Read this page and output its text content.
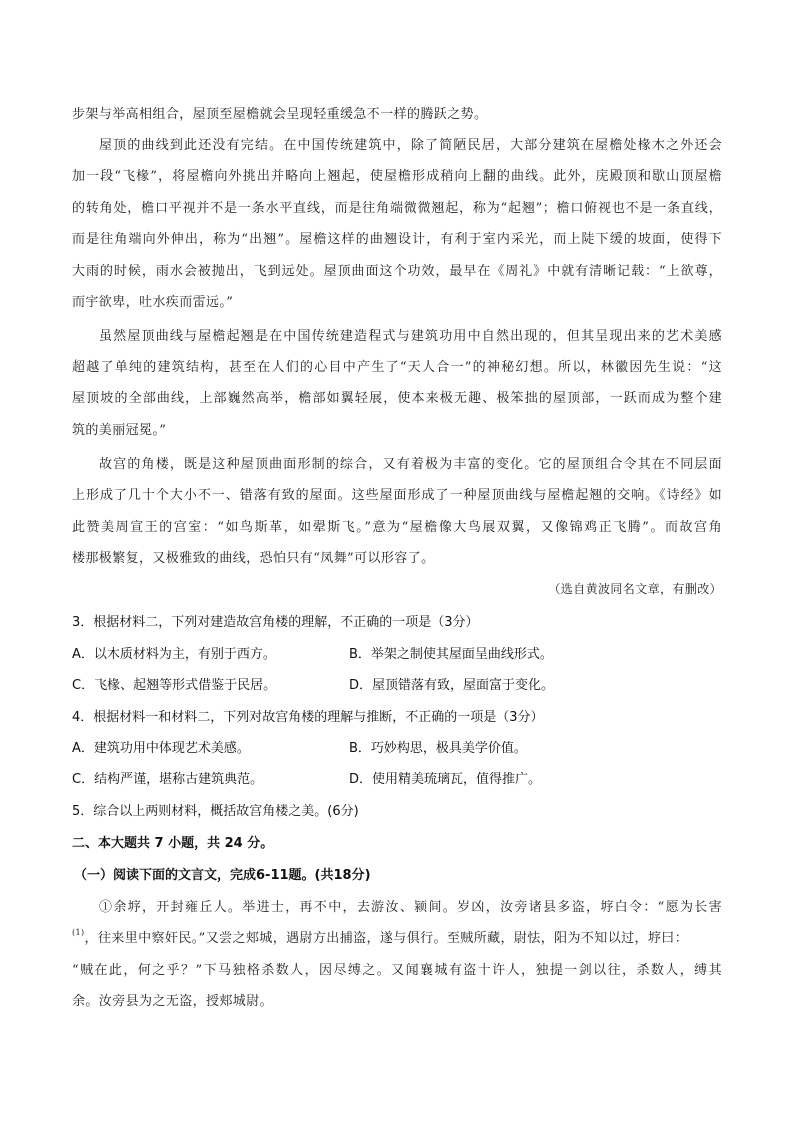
步架与举高相组合，屋顶至屋檐就会呈现轻重缓急不一样的腾跃之势。
屋顶的曲线到此还没有完结。在中国传统建筑中，除了简陋民居，大部分建筑在屋檐处椽木之外还会
加一段“飞椽”，将屋檐向外挑出并略向上翘起，使屋檐形成稍向上翻的曲线。此外，庑殿顶和歇山顶屋檐
的转角处，檐口平视并不是一条水平直线，而是往角端微微翘起，称为“起翘”；檐口俯视也不是一条直线，
而是往角端向外伸出，称为“出翘”。屋檐这样的曲翘设计，有利于室内采光，而上陡下缓的坡面，使得下
大雨的时候，雨水会被抛出，飞到远处。屋顶曲面这个功效，最早在《周礼》中就有清晰记载：“上欲尊，
而宇欲卑，吐水疾而雷远。”
虽然屋顶曲线与屋檐起翘是在中国传统建造程式与建筑功用中自然出现的，但其呈现出来的艺术美感
超越了单纯的建筑结构，甚至在人们的心目中产生了“天人合一”的神秘幻想。所以，林徽因先生说：“这
屋顶坡的全部曲线，上部巍然高举，檐部如翼轻展，使本来极无趣、极笨拙的屋顶部，一跃而成为整个建
筑的美丽冠冕。”
故宫的角楼，既是这种屋顶曲面形制的综合，又有着极为丰富的变化。它的屋顶组合令其在不同层面
上形成了几十个大小不一、错落有致的屋面。这些屋面形成了一种屋顶曲线与屋檐起翘的交响。《诗经》如
此赞美周宣王的宫室：“如鸟斯革，如翚斯飞。”意为“屋檐像大鸟展双翼，又像锦鸡正飞腾”。而故宫角
楼那极繁复，又极雅致的曲线，恐怕只有“凤舞”可以形容了。
（选自黄波同名文章，有删改）
3．根据材料二，下列对建造故宫角楼的理解，不正确的一项是（3分）
A．以木质材料为主，有别于西方。	B．举架之制使其屋面呈曲线形式。
C．飞椽、起翘等形式借鉴于民居。	D．屋顶错落有致，屋面富于变化。
4．根据材料一和材料二，下列对故宫角楼的理解与推断，不正确的一项是（3分）
A．建筑功用中体现艺术美感。	B．巧妙构思，极具美学价值。
C．结构严谨，堪称古建筑典范。	D．使用精美琉璃瓦，值得推广。
5．综合以上两则材料，概括故宫角楼之美。(6分)
二、本大题共 7 小题，共 24 分。
（一）阅读下面的文言文，完成6-11题。(共18分)
①余垿，开封雍丘人。举进士，再不中，去游汝、颍间。岁凶，汝旁诸县多盗，垿白令：“愿为长害
$^{(1)}$，往来里中察奸民。”又尝之郏城，遇尉方出捕盗，遂与俱行。至贼所藏，尉怯，阳为不知以过，垿曰：
“贼在此，何之乎？”下马独格杀数人，因尽缚之。又闻襄城有盗十许人，独提一剑以往，杀数人，缚其
余。汝旁县为之无盗，授郏城尉。
